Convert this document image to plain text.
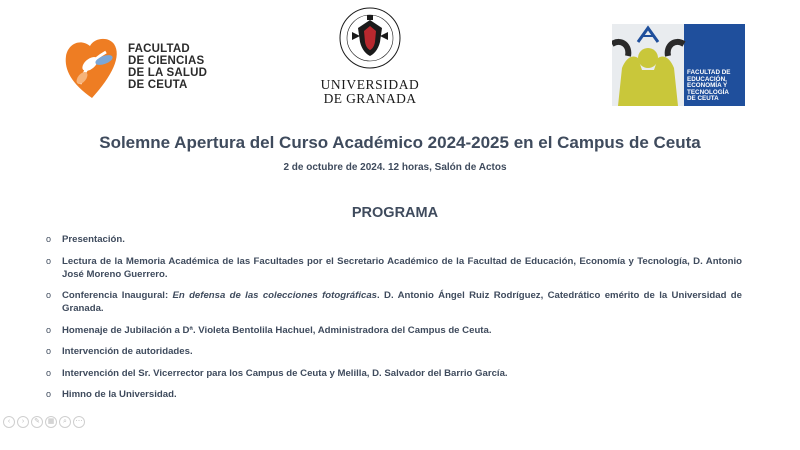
FACULTAD
DE CIENCIAS
DE LA SALUD
DE CEUTA	UNIVERSIDAD
DE GRANADA
FACULTAD DE
EDUCACIÓN,
ECONOMÍA Y
TECNOLOGÍA
DE CEUTA
Solemne Apertura del Curso Académico 2024-2025 en el Campus de Ceuta
2 de octubre de 2024. 12 horas, Salón de Actos
PROGRAMA
o Presentación.
o Lectura de la Memoria Académica de las Facultades por el Secretario Académico de la Facultad de Educación, Economía y Tecnología, D. Antonio José Moreno Guerrero.
o Conferencia Inaugural: En defensa de las colecciones fotográficas. D. Antonio Ángel Ruiz Rodríguez, Catedrático emérito de la Universidad de Granada.
o Homenaje de Jubilación a Dª. Violeta Bentolila Hachuel, Administradora del Campus de Ceuta.
o Intervención de autoridades.
o Intervención del Sr. Vicerrector para los Campus de Ceuta y Melilla, D. Salvador del Barrio García.
o Himno de la Universidad.
‹	›	✎	▦	⌕	⋯
